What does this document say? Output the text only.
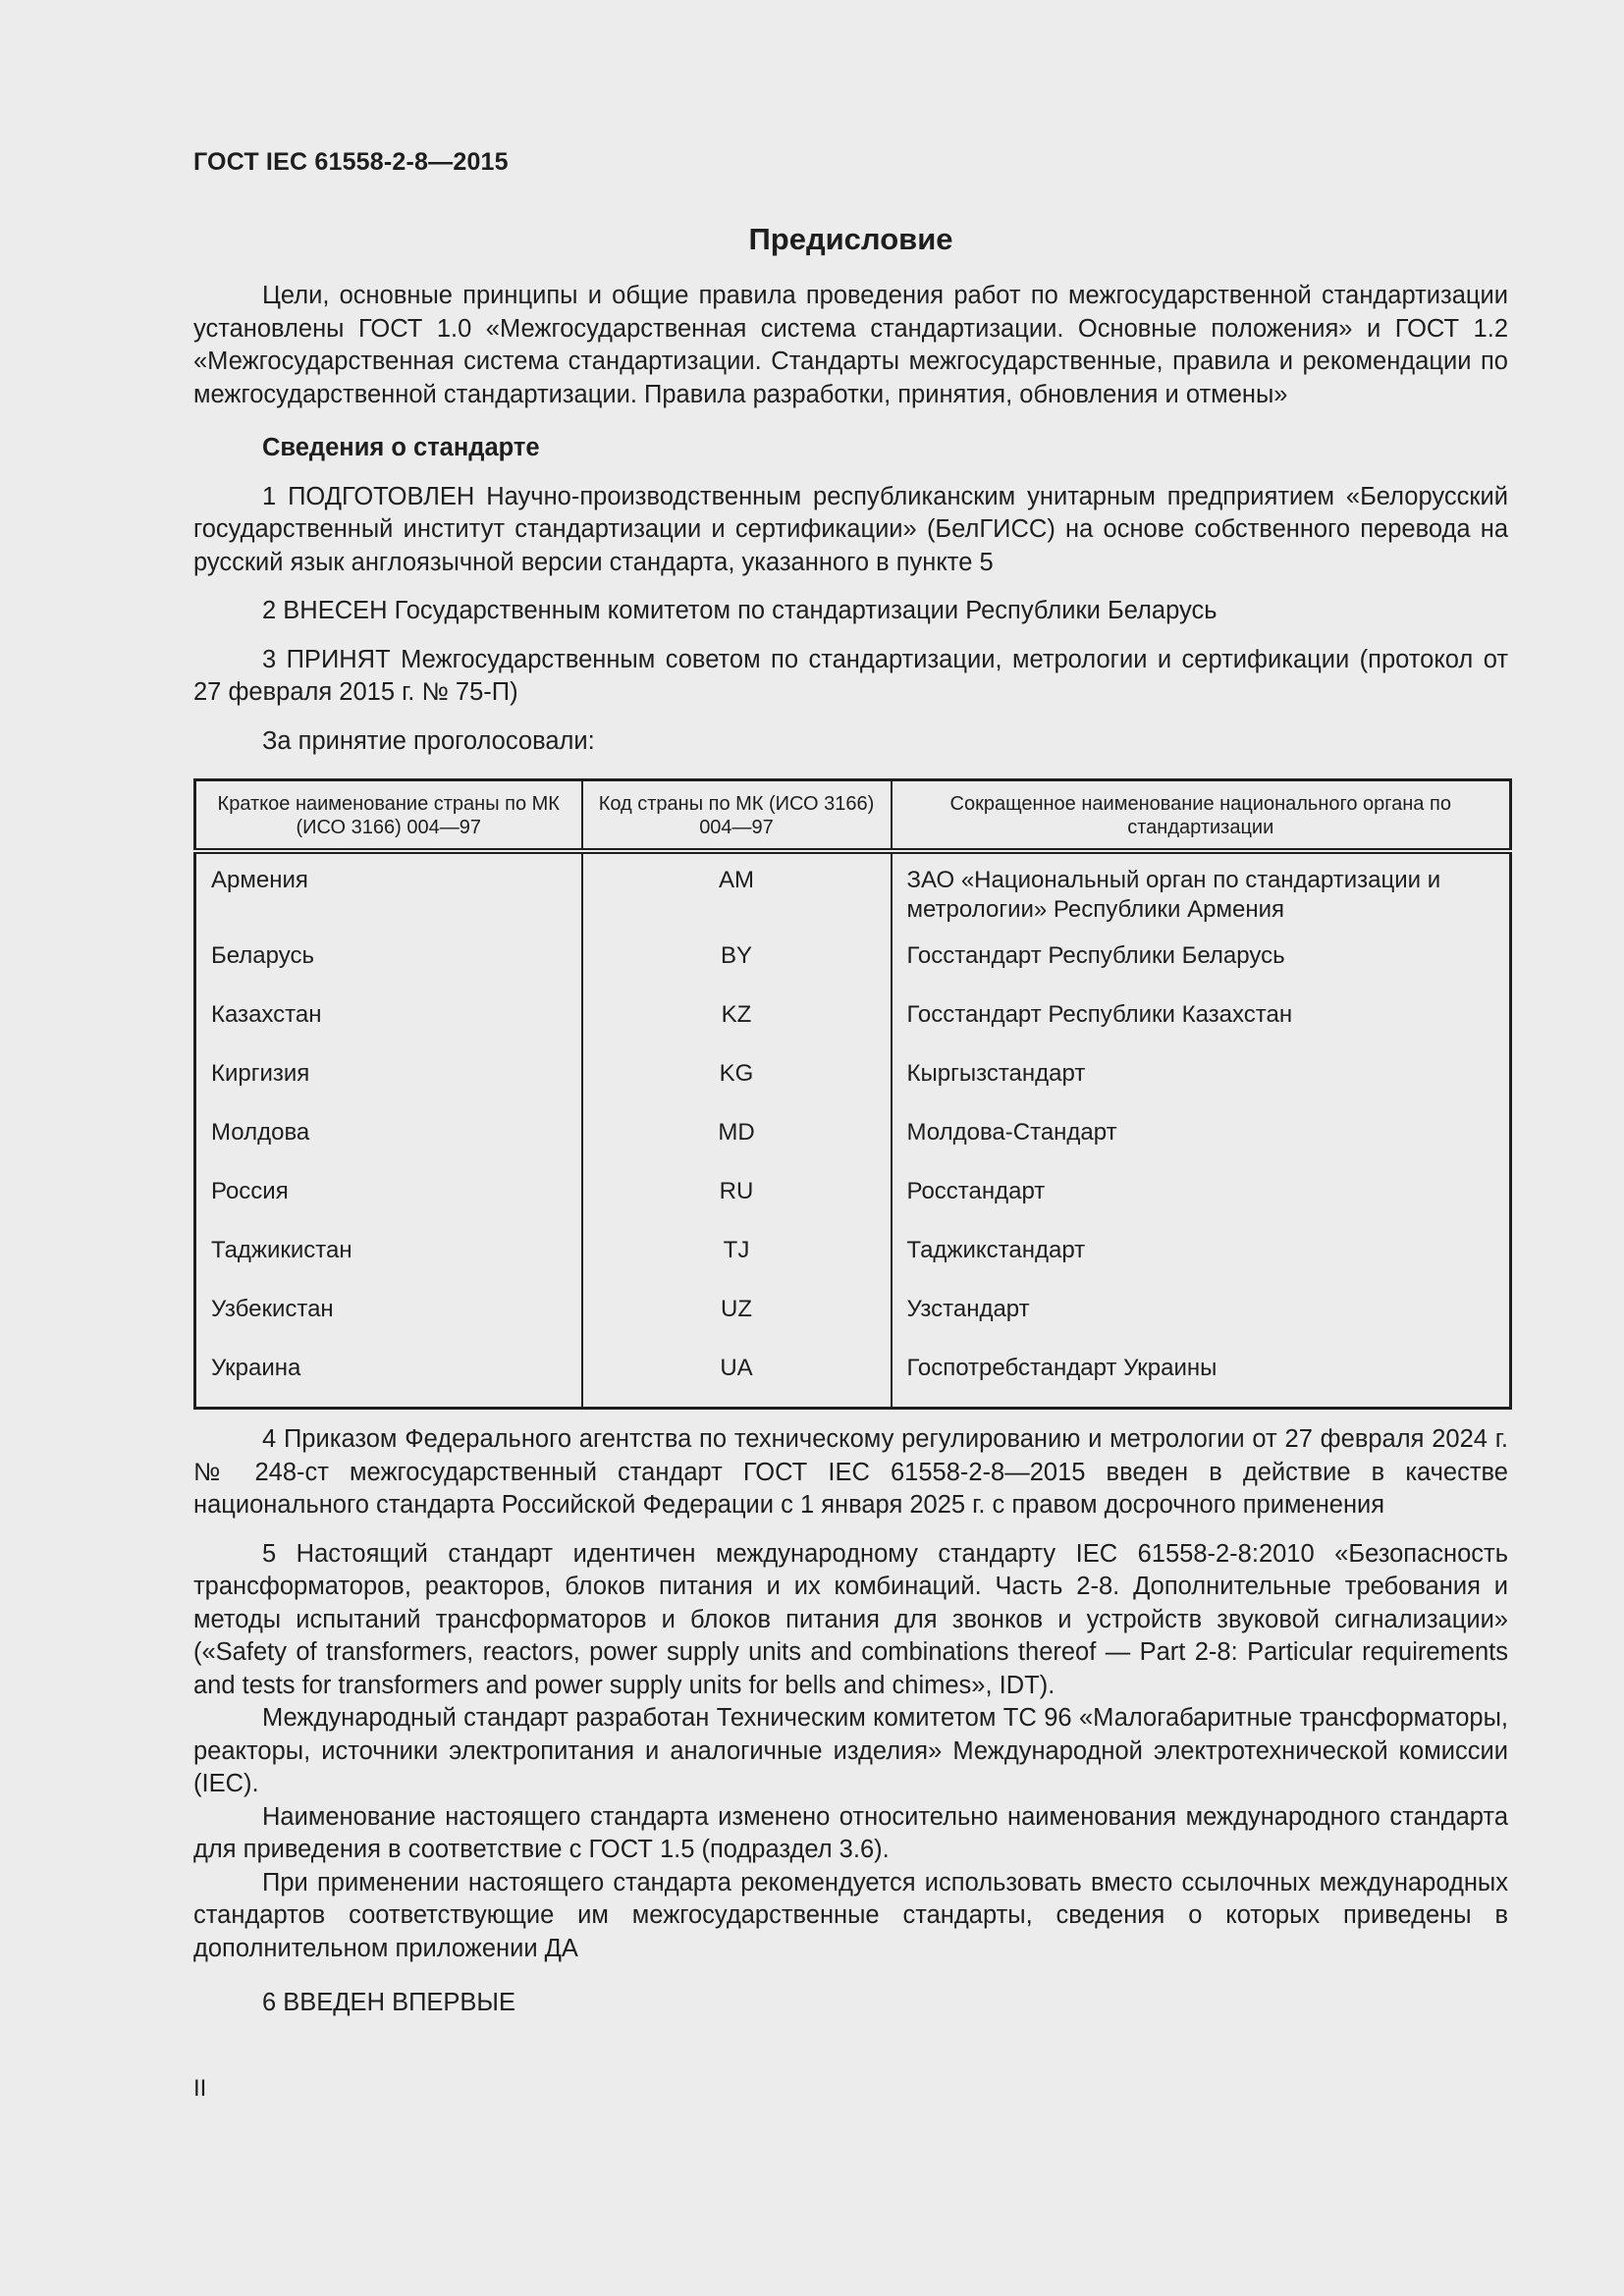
ГОСТ IEC 61558-2-8—2015
Предисловие

Цели, основные принципы и общие правила проведения работ по межгосударственной стандартизации установлены ГОСТ 1.0 «Межгосударственная система стандартизации. Основные положения» и ГОСТ 1.2 «Межгосударственная система стандартизации. Стандарты межгосударственные, правила и рекомендации по межгосударственной стандартизации. Правила разработки, принятия, обновления и отмены»

Сведения о стандарте

1 ПОДГОТОВЛЕН Научно-производственным республиканским унитарным предприятием «Белорусский государственный институт стандартизации и сертификации» (БелГИСС) на основе собственного перевода на русский язык англоязычной версии стандарта, указанного в пункте 5

2 ВНЕСЕН Государственным комитетом по стандартизации Республики Беларусь

3 ПРИНЯТ Межгосударственным советом по стандартизации, метрологии и сертификации (протокол от 27 февраля 2015 г. № 75-П)

За принятие проголосовали:

Краткое наименование страны по МК (ИСО 3166) 004—97	Код страны по МК (ИСО 3166) 004—97	Сокращенное наименование национального органа по стандартизации
Армения	AM	ЗАО «Национальный орган по стандартизации и метрологии» Республики Армения
Беларусь	BY	Госстандарт Республики Беларусь
Казахстан	KZ	Госстандарт Республики Казахстан
Киргизия	KG	Кыргызстандарт
Молдова	MD	Молдова-Стандарт
Россия	RU	Росстандарт
Таджикистан	TJ	Таджикстандарт
Узбекистан	UZ	Узстандарт
Украина	UA	Госпотребстандарт Украины

4 Приказом Федерального агентства по техническому регулированию и метрологии от 27 февраля 2024 г. № 248-ст межгосударственный стандарт ГОСТ IEC 61558-2-8—2015 введен в действие в качестве национального стандарта Российской Федерации с 1 января 2025 г. с правом досрочного применения

5 Настоящий стандарт идентичен международному стандарту IEC 61558-2-8:2010 «Безопасность трансформаторов, реакторов, блоков питания и их комбинаций. Часть 2-8. Дополнительные требования и методы испытаний трансформаторов и блоков питания для звонков и устройств звуковой сигнализации» («Safety of transformers, reactors, power supply units and combinations thereof — Part 2-8: Particular requirements and tests for transformers and power supply units for bells and chimes», IDT).

Международный стандарт разработан Техническим комитетом ТС 96 «Малогабаритные трансформаторы, реакторы, источники электропитания и аналогичные изделия» Международной электротехнической комиссии (IEC).

Наименование настоящего стандарта изменено относительно наименования международного стандарта для приведения в соответствие с ГОСТ 1.5 (подраздел 3.6).

При применении настоящего стандарта рекомендуется использовать вместо ссылочных международных стандартов соответствующие им межгосударственные стандарты, сведения о которых приведены в дополнительном приложении ДА

6 ВВЕДЕН ВПЕРВЫЕ

II
